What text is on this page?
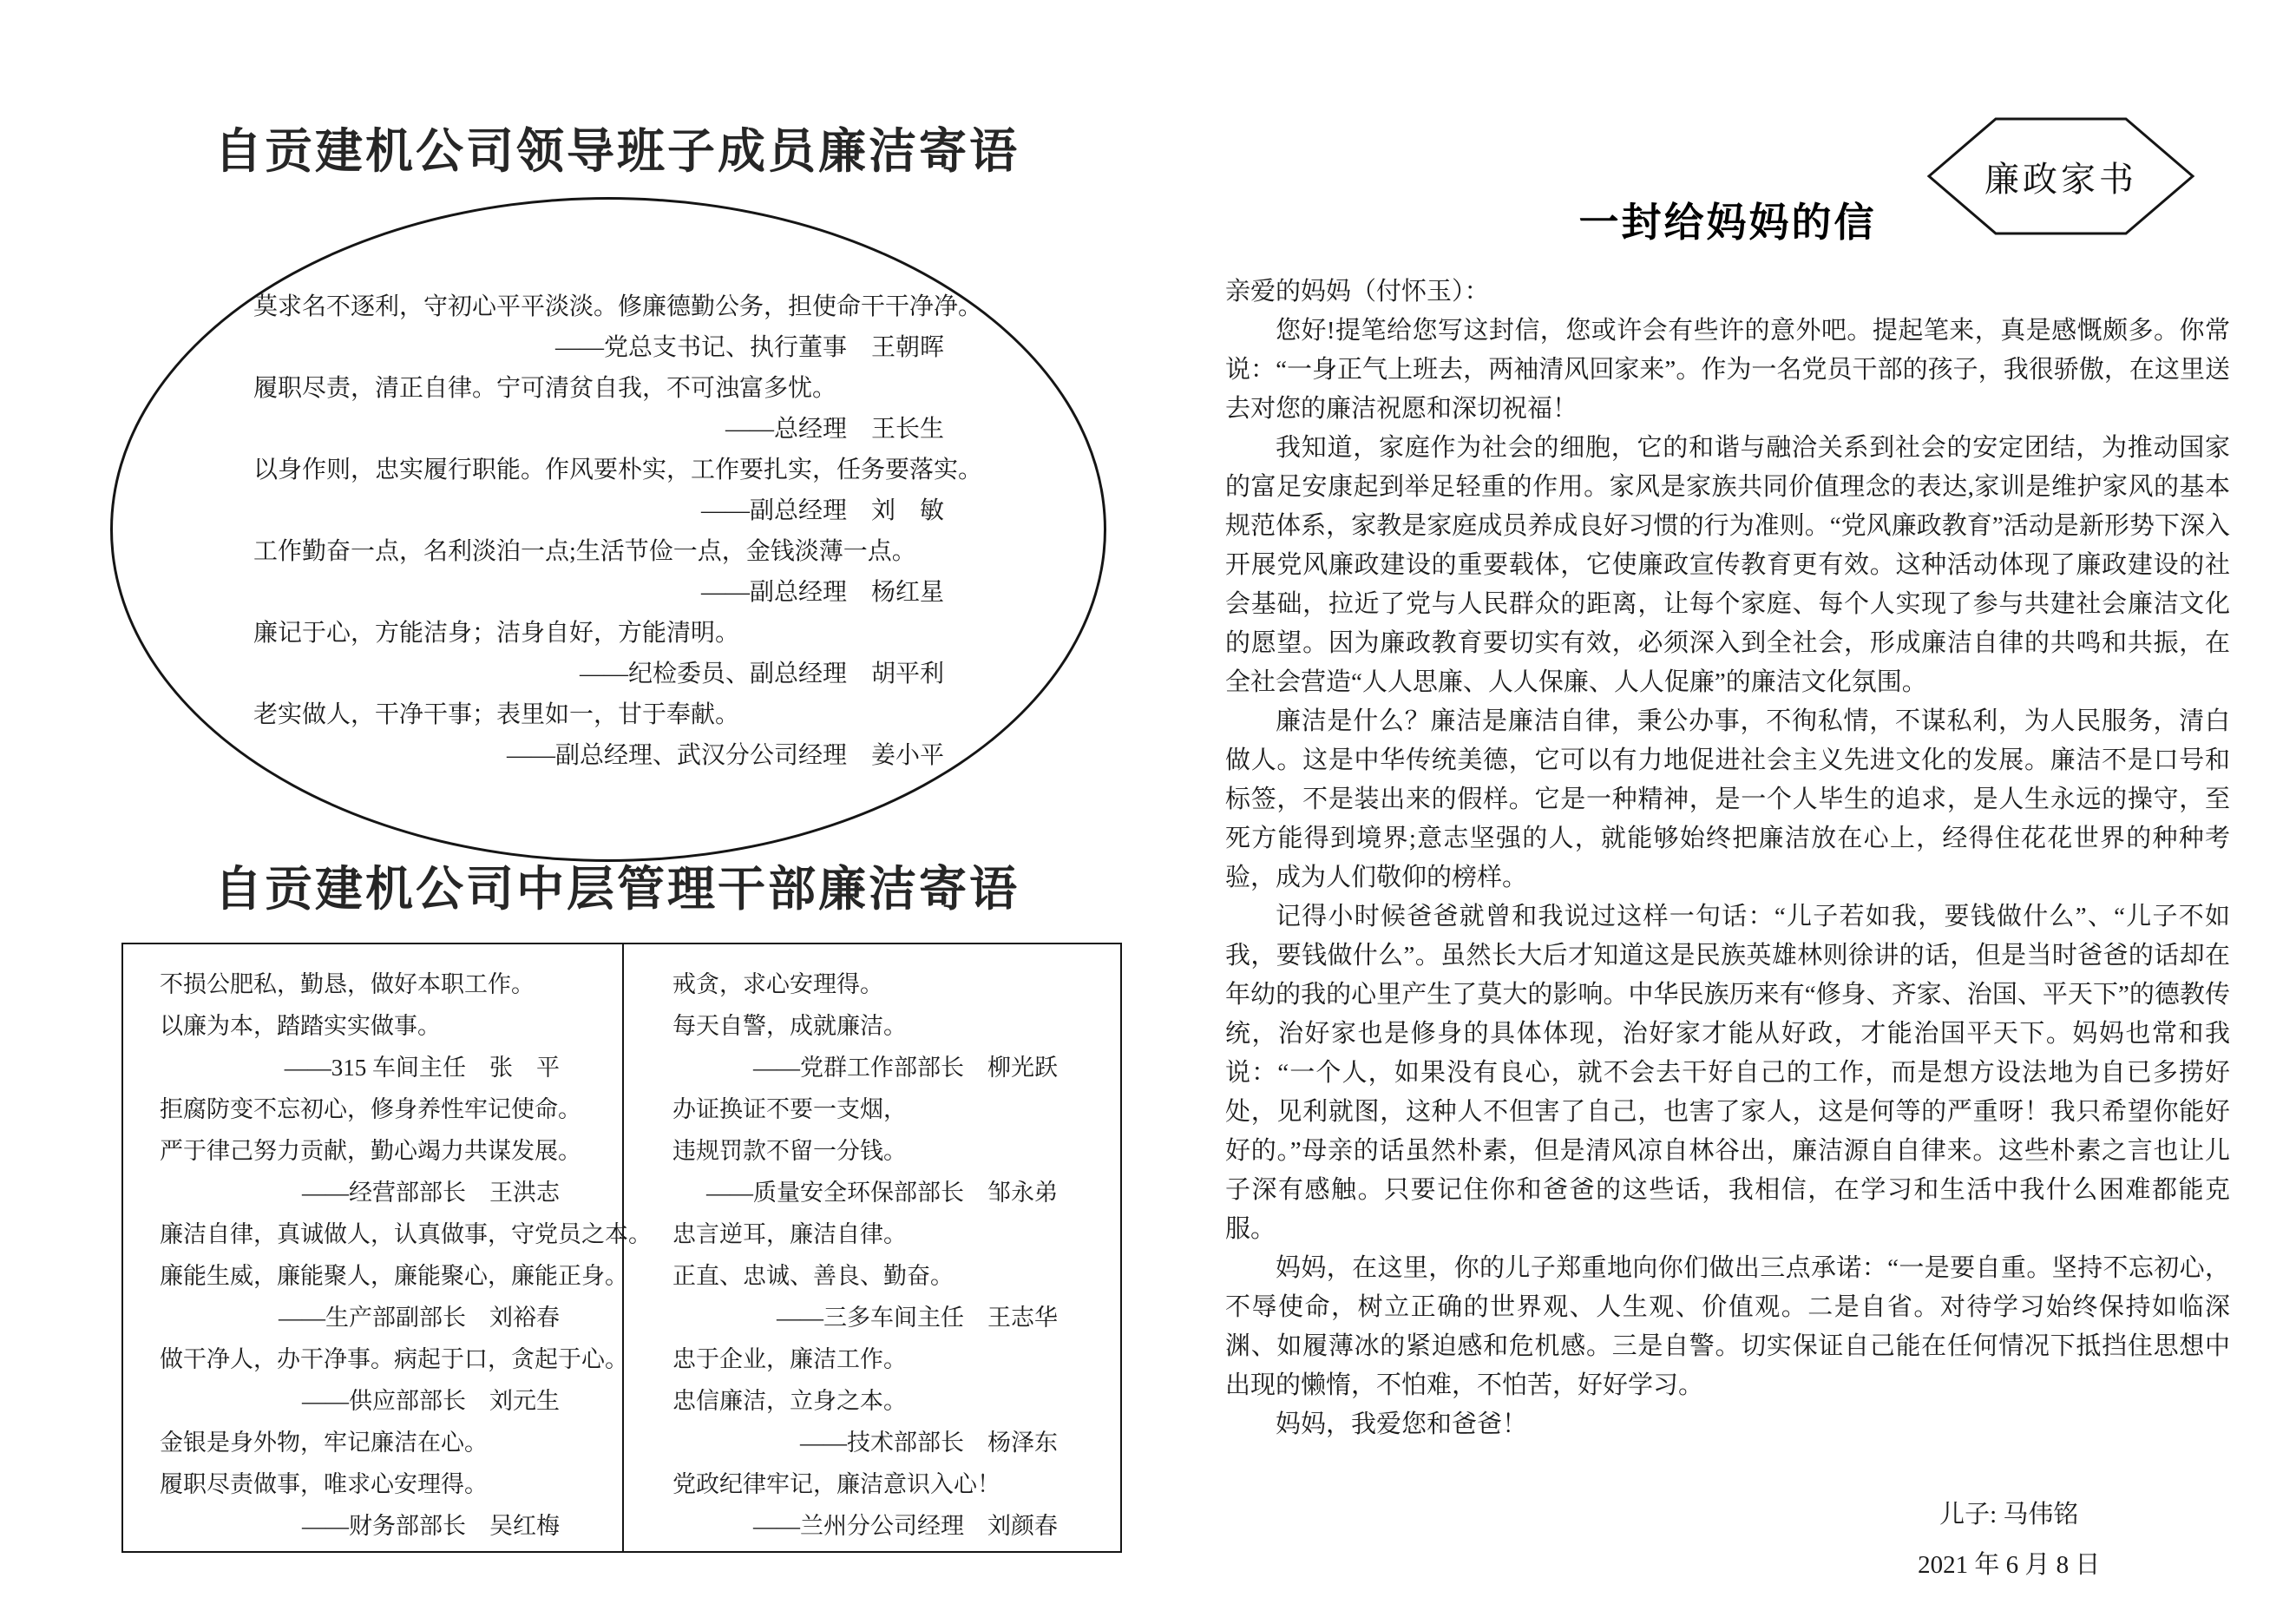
自贡建机公司领导班子成员廉洁寄语
莫求名不逐利，守初心平平淡淡。修廉德勤公务，担使命干干净净。
——党总支书记、执行董事　王朝晖
履职尽责，清正自律。宁可清贫自我，不可浊富多忧。
——总经理　王长生
以身作则，忠实履行职能。作风要朴实，工作要扎实，任务要落实。
——副总经理　刘　敏
工作勤奋一点，名利淡泊一点;生活节俭一点，金钱淡薄一点。
——副总经理　杨红星
廉记于心，方能洁身；洁身自好，方能清明。
——纪检委员、副总经理　胡平利
老实做人，干净干事；表里如一，甘于奉献。
——副总经理、武汉分公司经理　姜小平
自贡建机公司中层管理干部廉洁寄语
不损公肥私，勤恳，做好本职工作。
以廉为本，踏踏实实做事。
——315 车间主任　张　平
拒腐防变不忘初心，修身养性牢记使命。
严于律己努力贡献，勤心竭力共谋发展。
——经营部部长　王洪志
廉洁自律，真诚做人，认真做事，守党员之本。
廉能生威，廉能聚人，廉能聚心，廉能正身。
——生产部副部长　刘裕春
做干净人，办干净事。病起于口，贪起于心。
——供应部部长　刘元生
金银是身外物，牢记廉洁在心。
履职尽责做事，唯求心安理得。
——财务部部长　吴红梅
戒贪，求心安理得。
每天自警，成就廉洁。
——党群工作部部长　柳光跃
办证换证不要一支烟，
违规罚款不留一分钱。
——质量安全环保部部长　邹永弟
忠言逆耳，廉洁自律。
正直、忠诚、善良、勤奋。
——三多车间主任　王志华
忠于企业，廉洁工作。
忠信廉洁，立身之本。
——技术部部长　杨泽东
党政纪律牢记，廉洁意识入心！
——兰州分公司经理　刘颜春
廉政家书
一封给妈妈的信

亲爱的妈妈（付怀玉）：

您好!提笔给您写这封信，您或许会有些许的意外吧。提起笔来，真是感慨颇多。你常说：“一身正气上班去，两袖清风回家来”。作为一名党员干部的孩子，我很骄傲，在这里送去对您的廉洁祝愿和深切祝福！

我知道，家庭作为社会的细胞，它的和谐与融洽关系到社会的安定团结，为推动国家的富足安康起到举足轻重的作用。家风是家族共同价值理念的表达,家训是维护家风的基本规范体系，家教是家庭成员养成良好习惯的行为准则。“党风廉政教育”活动是新形势下深入开展党风廉政建设的重要载体，它使廉政宣传教育更有效。这种活动体现了廉政建设的社会基础，拉近了党与人民群众的距离，让每个家庭、每个人实现了参与共建社会廉洁文化的愿望。因为廉政教育要切实有效，必须深入到全社会，形成廉洁自律的共鸣和共振，在全社会营造“人人思廉、人人保廉、人人促廉”的廉洁文化氛围。

廉洁是什么？廉洁是廉洁自律，秉公办事，不徇私情，不谋私利，为人民服务，清白做人。这是中华传统美德，它可以有力地促进社会主义先进文化的发展。廉洁不是口号和标签，不是装出来的假样。它是一种精神，是一个人毕生的追求，是人生永远的操守，至死方能得到境界;意志坚强的人，就能够始终把廉洁放在心上，经得住花花世界的种种考验，成为人们敬仰的榜样。

记得小时候爸爸就曾和我说过这样一句话：“儿子若如我，要钱做什么”、“儿子不如我，要钱做什么”。虽然长大后才知道这是民族英雄林则徐讲的话，但是当时爸爸的话却在年幼的我的心里产生了莫大的影响。中华民族历来有“修身、齐家、治国、平天下”的德教传统，治好家也是修身的具体体现，治好家才能从好政，才能治国平天下。妈妈也常和我说：“一个人，如果没有良心，就不会去干好自己的工作，而是想方设法地为自已多捞好处，见利就图，这种人不但害了自己，也害了家人，这是何等的严重呀！我只希望你能好好的。”母亲的话虽然朴素，但是清风凉自林谷出，廉洁源自自律来。这些朴素之言也让儿子深有感触。只要记住你和爸爸的这些话，我相信，在学习和生活中我什么困难都能克服。

妈妈，在这里，你的儿子郑重地向你们做出三点承诺：“一是要自重。坚持不忘初心，不辱使命，树立正确的世界观、人生观、价值观。二是自省。对待学习始终保持如临深渊、如履薄冰的紧迫感和危机感。三是自警。切实保证自己能在任何情况下抵挡住思想中出现的懒惰，不怕难，不怕苦，好好学习。

妈妈，我爱您和爸爸！

儿子: 马伟铭
2021 年 6 月 8 日
